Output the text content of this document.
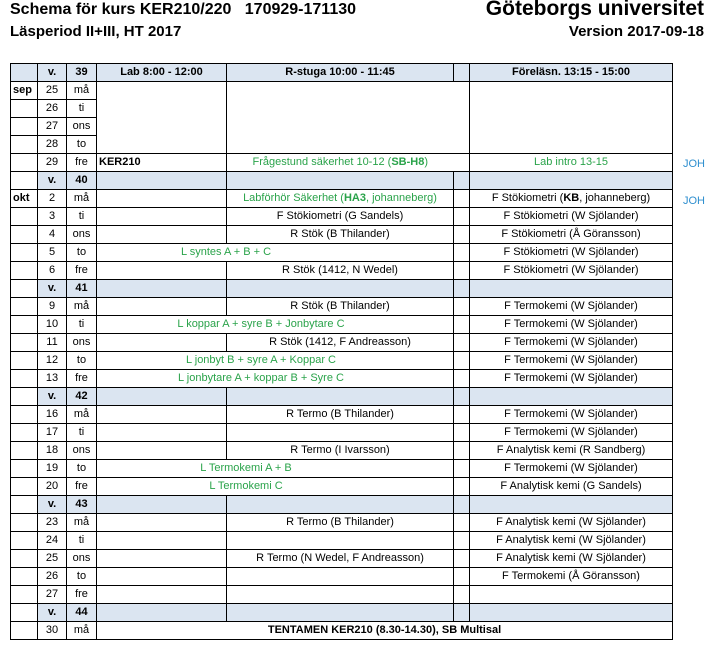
Schema för kurs KER210/220   170929-171130	Göteborgs universitet
Läsperiod II+III, HT 2017	Version 2017-09-18
	v.	39	Lab 8:00 - 12:00	R-stuga 10:00 - 11:45		Föreläsn. 13:15 - 15:00
sep	25	må				
	26	ti				
	27	ons				
	28	to				
	29	fre	KER210	Frågestund säkerhet 10-12 (SB-H8)		Lab intro 13-15
	v.	40				
okt	2	må		Labförhör Säkerhet (HA3, johanneberg)		F Stökiometri (KB, johanneberg)
	3	ti		F Stökiometri (G Sandels)		F Stökiometri (W Sjölander)
	4	ons		R Stök (B Thilander)		F Stökiometri (Å Göransson)
	5	to	L syntes A + B + C			F Stökiometri (W Sjölander)
	6	fre		R Stök (1412, N Wedel)		F Stökiometri (W Sjölander)
	v.	41				
	9	må		R Stök (B Thilander)		F Termokemi (W Sjölander)
	10	ti	L koppar A + syre B + Jonbytare C			F Termokemi (W Sjölander)
	11	ons		R Stök (1412, F Andreasson)		F Termokemi (W Sjölander)
	12	to	L jonbyt B + syre A + Koppar C			F Termokemi (W Sjölander)
	13	fre	L jonbytare A + koppar B + Syre C			F Termokemi (W Sjölander)
	v.	42				
	16	må		R Termo (B Thilander)		F Termokemi (W Sjölander)
	17	ti				F Termokemi (W Sjölander)
	18	ons		R Termo (I Ivarsson)		F Analytisk kemi (R Sandberg)
	19	to	L Termokemi A + B			F Termokemi (W Sjölander)
	20	fre	L Termokemi C			F Analytisk kemi (G Sandels)
	v.	43				
	23	må		R Termo (B Thilander)		F Analytisk kemi (W Sjölander)
	24	ti				F Analytisk kemi (W Sjölander)
	25	ons		R Termo (N Wedel, F Andreasson)		F Analytisk kemi (W Sjölander)
	26	to				F Termokemi (Å Göransson)
	27	fre				
	v.	44				
	30	må	TENTAMEN KER210 (8.30-14.30), SB Multisal			
JOH
JOH
